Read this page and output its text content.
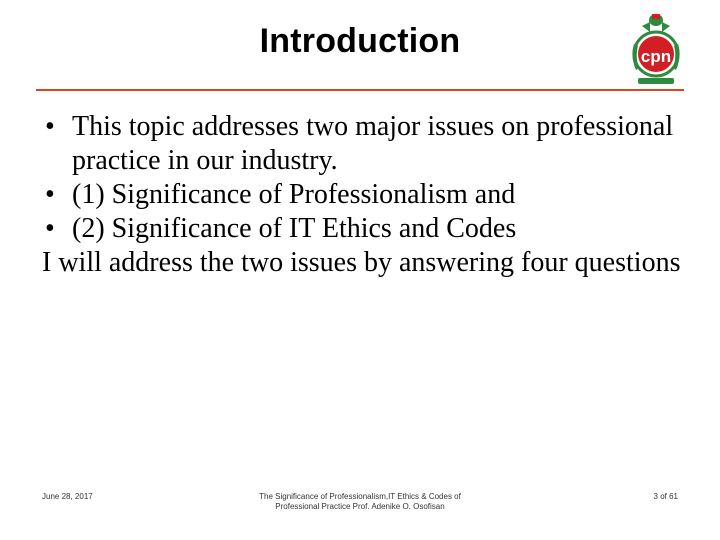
Introduction	cpn

• This topic addresses two major issues on professional practice in our industry.

• (1) Significance of Professionalism and

• (2) Significance of IT Ethics and Codes

I will address the two issues by answering four questions

June 28, 2017	The Significance of Professionalism,IT Ethics & Codes of
Professional Practice Prof. Adenike O. Osofisan
3 of 61
